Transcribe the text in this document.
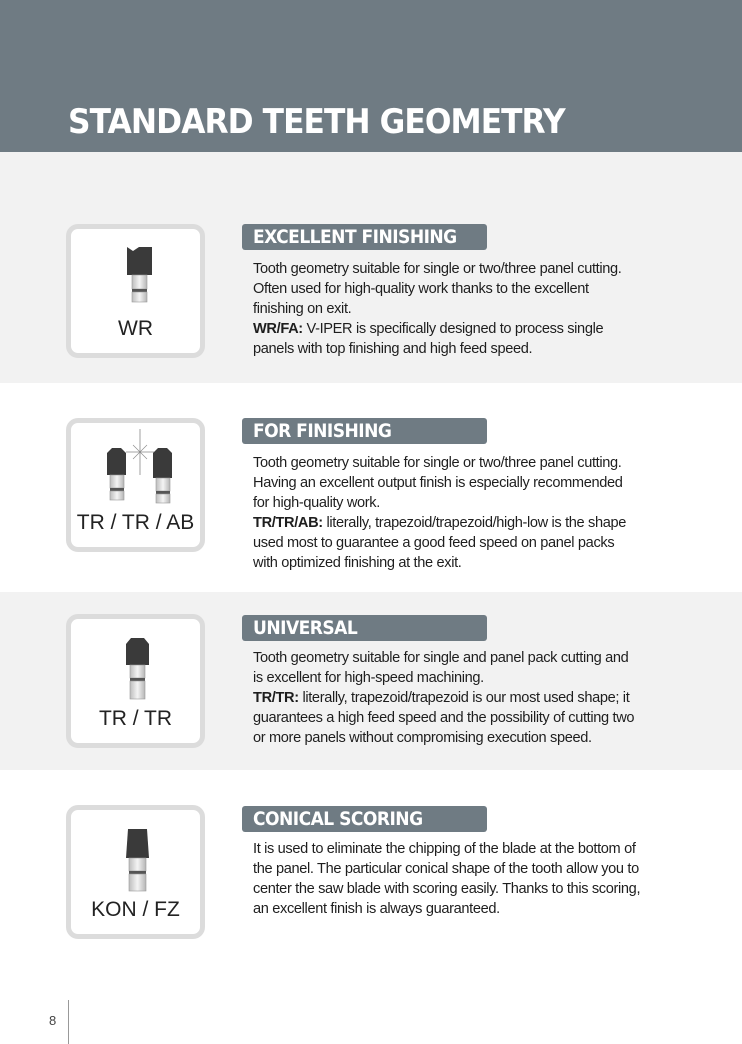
STANDARD TEETH GEOMETRY
WR
EXCELLENT FINISHING
Tooth geometry suitable for single or two/three panel cutting.
Often used for high-quality work thanks to the excellent
finishing on exit.
WR/FA: V-IPER is specifically designed to process single
panels with top finishing and high feed speed.
TR / TR / AB
FOR FINISHING
Tooth geometry suitable for single or two/three panel cutting.
Having an excellent output finish is especially recommended
for high-quality work.
TR/TR/AB: literally, trapezoid/trapezoid/high-low is the shape
used most to guarantee a good feed speed on panel packs
with optimized finishing at the exit.
TR / TR
UNIVERSAL
Tooth geometry suitable for single and panel pack cutting and
is excellent for high-speed machining.
TR/TR: literally, trapezoid/trapezoid is our most used shape; it
guarantees a high feed speed and the possibility of cutting two
or more panels without compromising execution speed.
KON / FZ
CONICAL SCORING
It is used to eliminate the chipping of the blade at the bottom of
the panel. The particular conical shape of the tooth allow you to
center the saw blade with scoring easily. Thanks to this scoring,
an excellent finish is always guaranteed.
8
